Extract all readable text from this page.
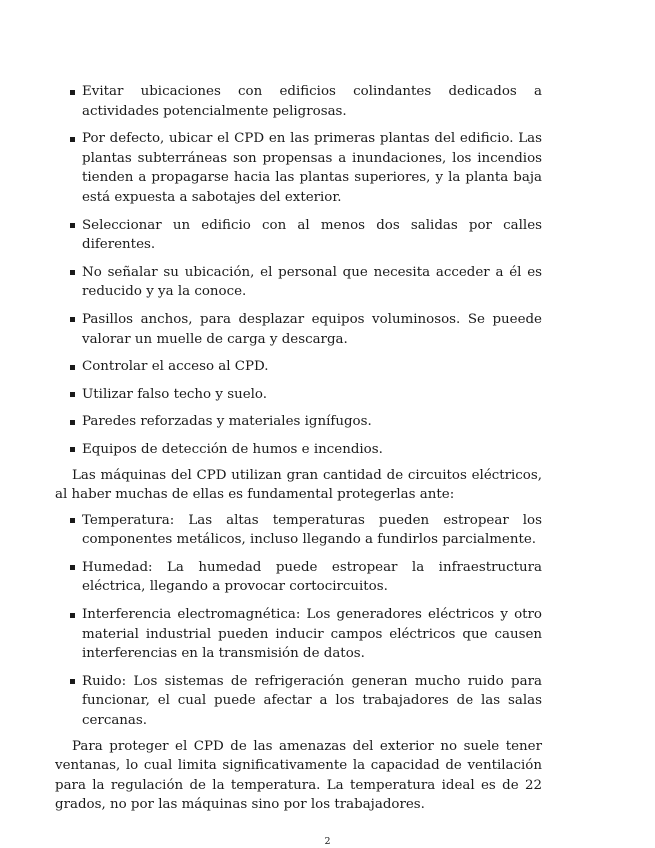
Evitar ubicaciones con edificios colindantes dedicados a actividades potencialmente peligrosas.
Por defecto, ubicar el CPD en las primeras plantas del edificio. Las plantas subterráneas son propensas a inundaciones, los incendios tienden a propagarse hacia las plantas superiores, y la planta baja está expuesta a sabotajes del exterior.
Seleccionar un edificio con al menos dos salidas por calles diferentes.
No señalar su ubicación, el personal que necesita acceder a él es reducido y ya la conoce.
Pasillos anchos, para desplazar equipos voluminosos. Se pueede valorar un muelle de carga y descarga.
Controlar el acceso al CPD.
Utilizar falso techo y suelo.
Paredes reforzadas y materiales ignífugos.
Equipos de detección de humos e incendios.

Las máquinas del CPD utilizan gran cantidad de circuitos eléctricos, al haber muchas de ellas es fundamental protegerlas ante:

Temperatura: Las altas temperaturas pueden estropear los componentes metálicos, incluso llegando a fundirlos parcialmente.
Humedad: La humedad puede estropear la infraestructura eléctrica, llegando a provocar cortocircuitos.
Interferencia electromagnética: Los generadores eléctricos y otro material industrial pueden inducir campos eléctricos que causen interferencias en la transmisión de datos.
Ruido: Los sistemas de refrigeración generan mucho ruido para funcionar, el cual puede afectar a los trabajadores de las salas cercanas.

Para proteger el CPD de las amenazas del exterior no suele tener ventanas, lo cual limita significativamente la capacidad de ventilación para la regulación de la temperatura. La temperatura ideal es de 22 grados, no por las máquinas sino por los trabajadores.

2
